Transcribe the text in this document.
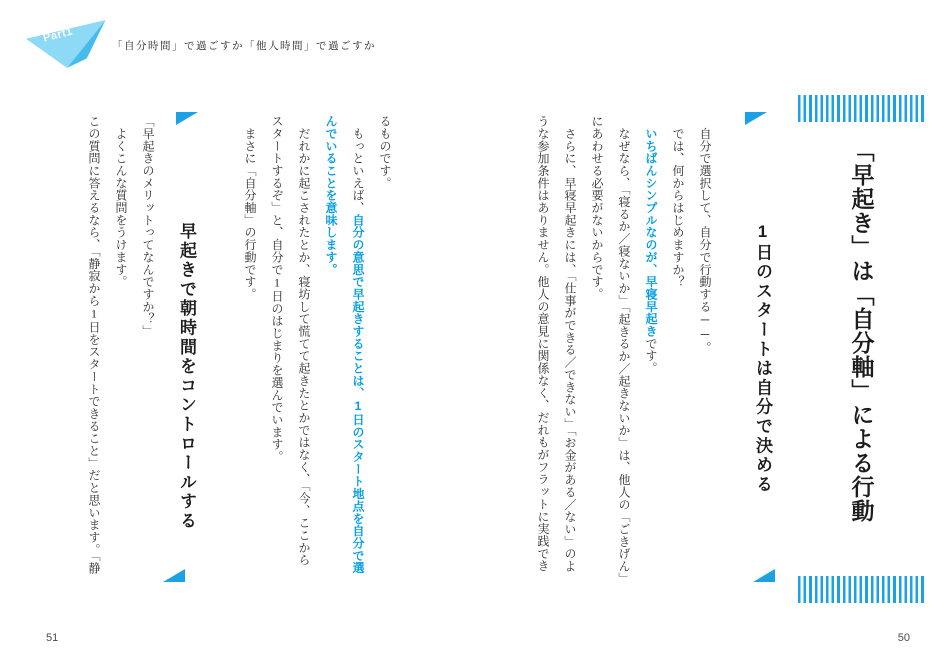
Part1
「自分時間」で過ごすか「他人時間」で過ごすか
「早起き」は「自分軸」による行動
1日のスタートは自分で決める
　自分で選択して、自分で行動する──。
　では、何からはじめますか？
　いちばんシンプルなのが、早寝早起きです。
　なぜなら、「寝るか／寝ないか」「起きるか／起きないか」は、他人の「ごきげん」
にあわせる必要がないからです。
　さらに、早寝早起きには、「仕事ができる／できない」「お金がある／ない」のよ
うな参加条件はありません。他人の意見に関係なく、だれもがフラットに実践でき
50
るものです。
　もっといえば、自分の意思で早起きすることは、1日のスタート地点を自分で選
んでいることを意味します。
　だれかに起こされたとか、寝坊して慌てて起きたとかではなく、「今、ここから
スタートするぞ」と、自分で1日のはじまりを選んでいます。
　まさに「自分軸」の行動です。
早起きで朝時間をコントロールする
「早起きのメリットってなんですか？」
　よくこんな質問をうけます。
この質問に答えるなら、「静寂から1日をスタートできること」だと思います。「静
51
